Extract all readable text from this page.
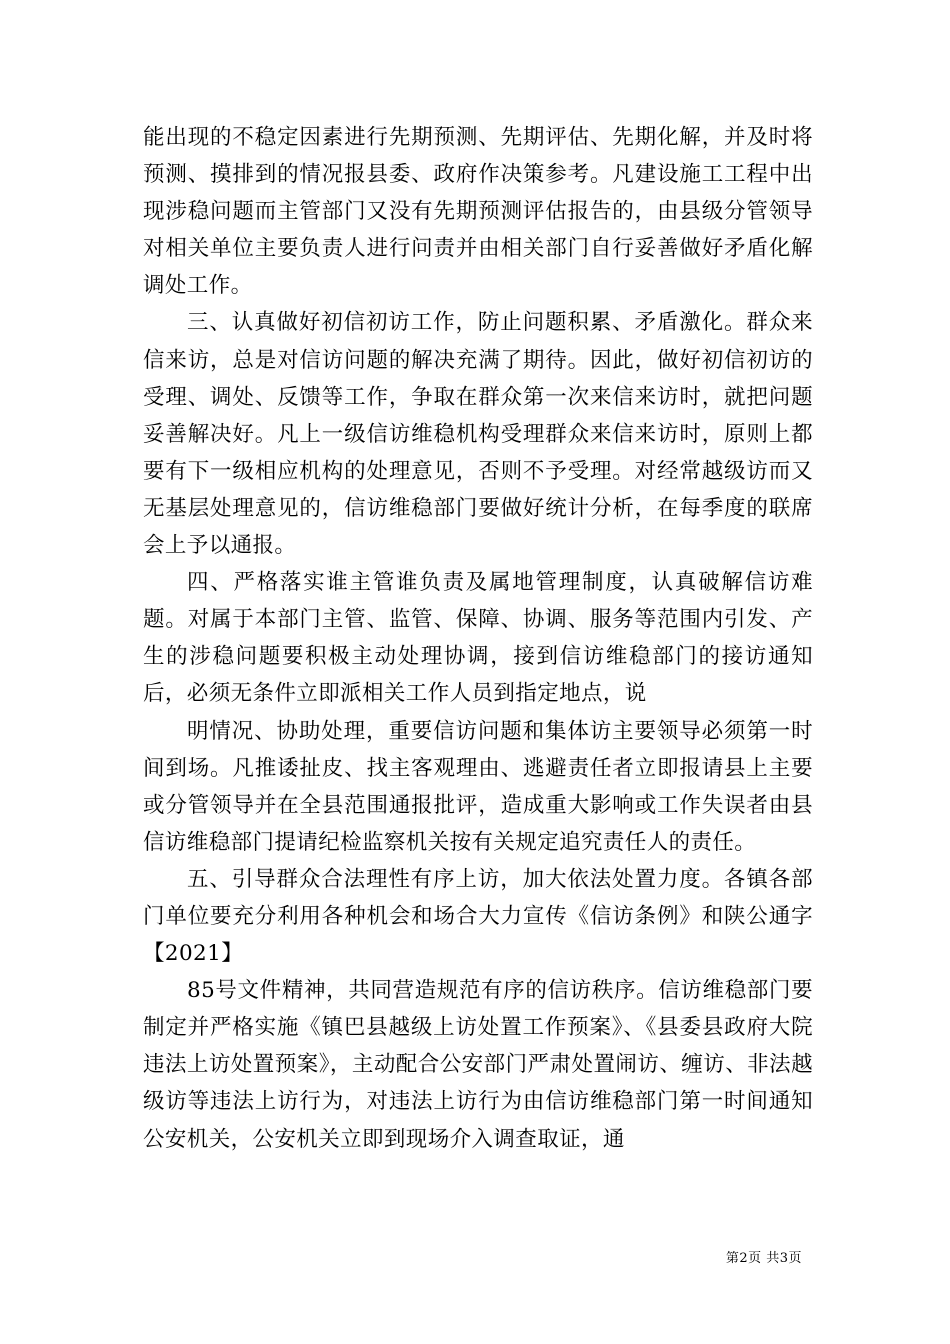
能出现的不稳定因素进行先期预测、先期评估、先期化解，并及时将预测、摸排到的情况报县委、政府作决策参考。凡建设施工工程中出现涉稳问题而主管部门又没有先期预测评估报告的，由县级分管领导对相关单位主要负责人进行问责并由相关部门自行妥善做好矛盾化解调处工作。

三、认真做好初信初访工作，防止问题积累、矛盾激化。群众来信来访，总是对信访问题的解决充满了期待。因此，做好初信初访的受理、调处、反馈等工作，争取在群众第一次来信来访时，就把问题妥善解决好。凡上一级信访维稳机构受理群众来信来访时，原则上都要有下一级相应机构的处理意见，否则不予受理。对经常越级访而又无基层处理意见的，信访维稳部门要做好统计分析，在每季度的联席会上予以通报。

四、严格落实谁主管谁负责及属地管理制度，认真破解信访难题。对属于本部门主管、监管、保障、协调、服务等范围内引发、产生的涉稳问题要积极主动处理协调，接到信访维稳部门的接访通知后，必须无条件立即派相关工作人员到指定地点，说

明情况、协助处理，重要信访问题和集体访主要领导必须第一时间到场。凡推诿扯皮、找主客观理由、逃避责任者立即报请县上主要或分管领导并在全县范围通报批评，造成重大影响或工作失误者由县信访维稳部门提请纪检监察机关按有关规定追究责任人的责任。

五、引导群众合法理性有序上访，加大依法处置力度。各镇各部门单位要充分利用各种机会和场合大力宣传《信访条例》和陕公通字【2021】

85号文件精神，共同营造规范有序的信访秩序。信访维稳部门要制定并严格实施《镇巴县越级上访处置工作预案》、《县委县政府大院违法上访处置预案》，主动配合公安部门严肃处置闹访、缠访、非法越级访等违法上访行为，对违法上访行为由信访维稳部门第一时间通知公安机关，公安机关立即到现场介入调查取证，通

第2页 共3页
